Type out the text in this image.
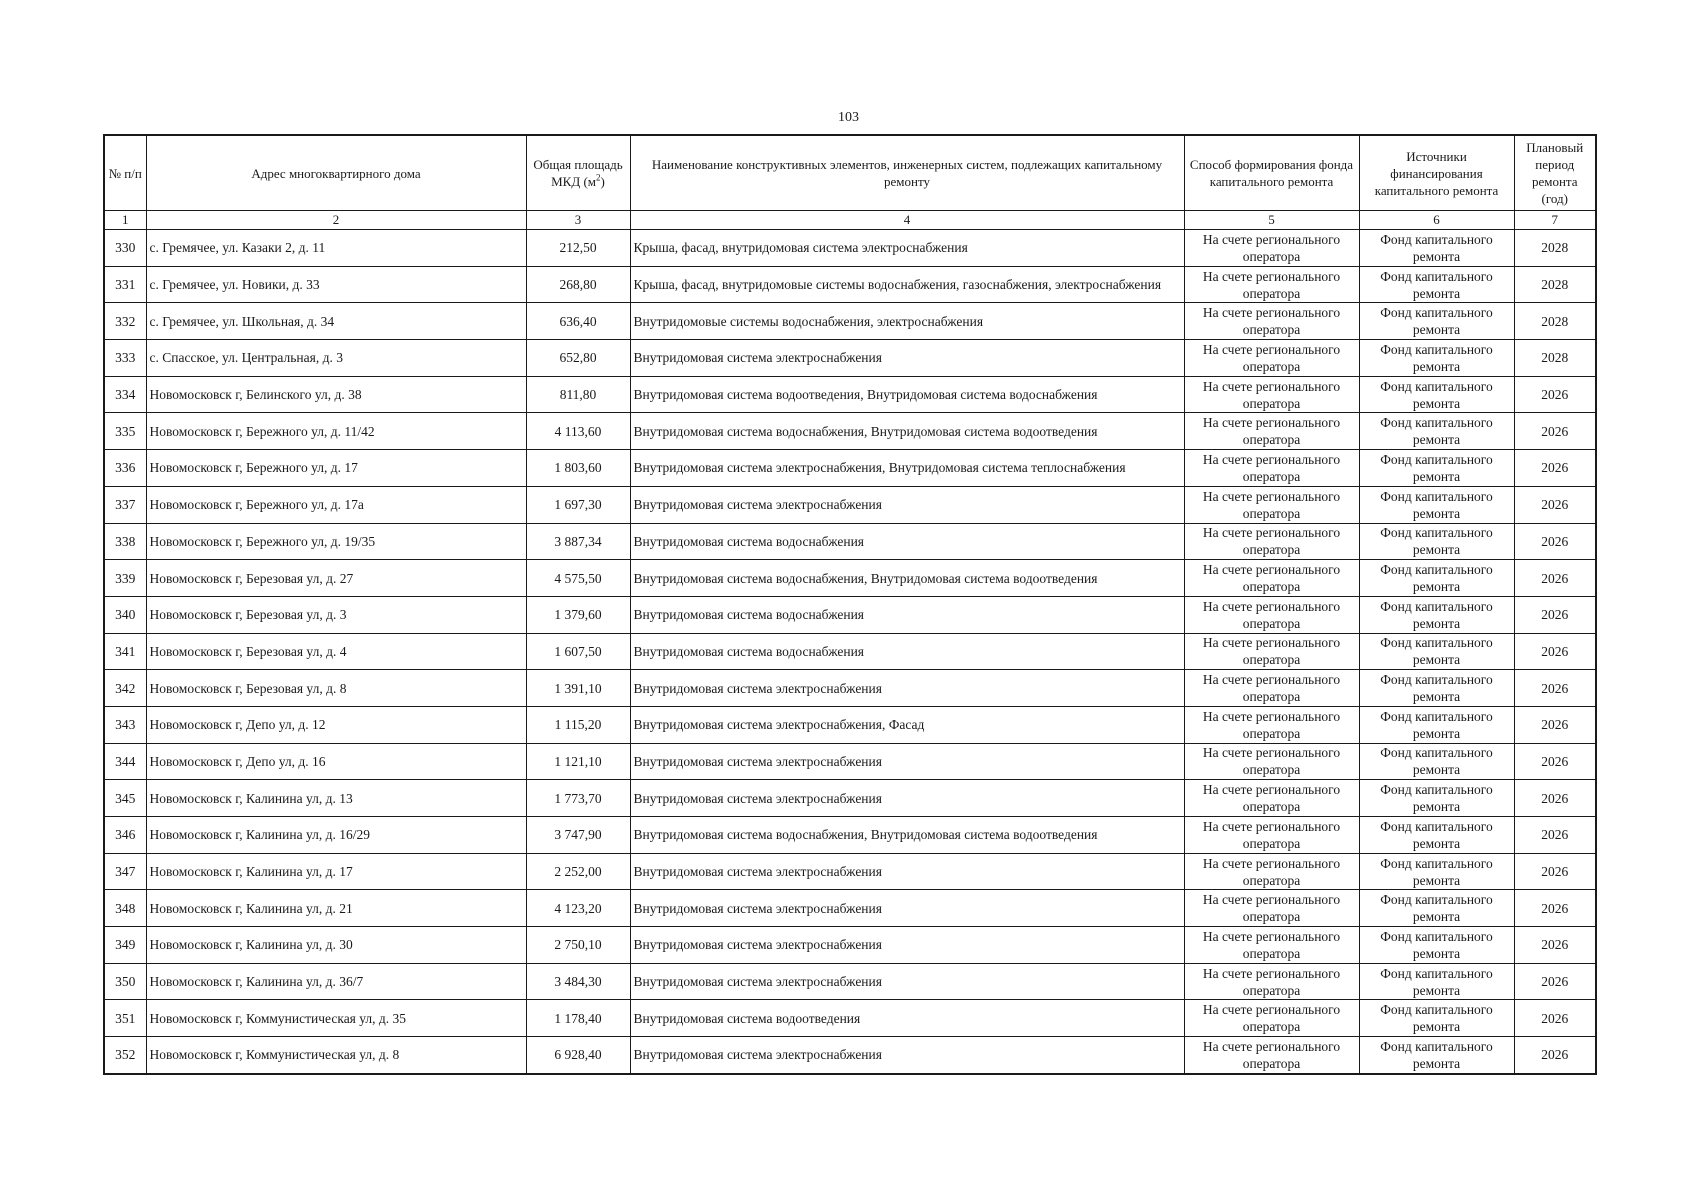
103
№ п/п	Адрес многоквартирного дома	Общая площадь МКД $(м^2)$	Наименование конструктивных элементов, инженерных систем, подлежащих капитальному ремонту	Способ формирования фонда капитального ремонта	Источники финансирования капитального ремонта	Плановый период ремонта (год)
1	2	3	4	5	6	7
330	с. Гремячее, ул. Казаки 2, д. 11	212,50	Крыша, фасад, внутридомовая система электроснабжения	На счете регионального оператора	Фонд капитального ремонта	2028
331	с. Гремячее, ул. Новики, д. 33	268,80	Крыша, фасад, внутридомовые системы водоснабжения, газоснабжения, электроснабжения	На счете регионального оператора	Фонд капитального ремонта	2028
332	с. Гремячее, ул. Школьная, д. 34	636,40	Внутридомовые системы водоснабжения, электроснабжения	На счете регионального оператора	Фонд капитального ремонта	2028
333	с. Спасское, ул. Центральная, д. 3	652,80	Внутридомовая система электроснабжения	На счете регионального оператора	Фонд капитального ремонта	2028
334	Новомосковск г, Белинского ул, д. 38	811,80	Внутридомовая система водоотведения, Внутридомовая система водоснабжения	На счете регионального оператора	Фонд капитального ремонта	2026
335	Новомосковск г, Бережного ул, д. 11/42	4 113,60	Внутридомовая система водоснабжения, Внутридомовая система водоотведения	На счете регионального оператора	Фонд капитального ремонта	2026
336	Новомосковск г, Бережного ул, д. 17	1 803,60	Внутридомовая система электроснабжения, Внутридомовая система теплоснабжения	На счете регионального оператора	Фонд капитального ремонта	2026
337	Новомосковск г, Бережного ул, д. 17а	1 697,30	Внутридомовая система электроснабжения	На счете регионального оператора	Фонд капитального ремонта	2026
338	Новомосковск г, Бережного ул, д. 19/35	3 887,34	Внутридомовая система водоснабжения	На счете регионального оператора	Фонд капитального ремонта	2026
339	Новомосковск г, Березовая ул, д. 27	4 575,50	Внутридомовая система водоснабжения, Внутридомовая система водоотведения	На счете регионального оператора	Фонд капитального ремонта	2026
340	Новомосковск г, Березовая ул, д. 3	1 379,60	Внутридомовая система водоснабжения	На счете регионального оператора	Фонд капитального ремонта	2026
341	Новомосковск г, Березовая ул, д. 4	1 607,50	Внутридомовая система водоснабжения	На счете регионального оператора	Фонд капитального ремонта	2026
342	Новомосковск г, Березовая ул, д. 8	1 391,10	Внутридомовая система электроснабжения	На счете регионального оператора	Фонд капитального ремонта	2026
343	Новомосковск г, Депо ул, д. 12	1 115,20	Внутридомовая система электроснабжения, Фасад	На счете регионального оператора	Фонд капитального ремонта	2026
344	Новомосковск г, Депо ул, д. 16	1 121,10	Внутридомовая система электроснабжения	На счете регионального оператора	Фонд капитального ремонта	2026
345	Новомосковск г, Калинина ул, д. 13	1 773,70	Внутридомовая система электроснабжения	На счете регионального оператора	Фонд капитального ремонта	2026
346	Новомосковск г, Калинина ул, д. 16/29	3 747,90	Внутридомовая система водоснабжения, Внутридомовая система водоотведения	На счете регионального оператора	Фонд капитального ремонта	2026
347	Новомосковск г, Калинина ул, д. 17	2 252,00	Внутридомовая система электроснабжения	На счете регионального оператора	Фонд капитального ремонта	2026
348	Новомосковск г, Калинина ул, д. 21	4 123,20	Внутридомовая система электроснабжения	На счете регионального оператора	Фонд капитального ремонта	2026
349	Новомосковск г, Калинина ул, д. 30	2 750,10	Внутридомовая система электроснабжения	На счете регионального оператора	Фонд капитального ремонта	2026
350	Новомосковск г, Калинина ул, д. 36/7	3 484,30	Внутридомовая система электроснабжения	На счете регионального оператора	Фонд капитального ремонта	2026
351	Новомосковск г, Коммунистическая ул, д. 35	1 178,40	Внутридомовая система водоотведения	На счете регионального оператора	Фонд капитального ремонта	2026
352	Новомосковск г, Коммунистическая ул, д. 8	6 928,40	Внутридомовая система электроснабжения	На счете регионального оператора	Фонд капитального ремонта	2026
